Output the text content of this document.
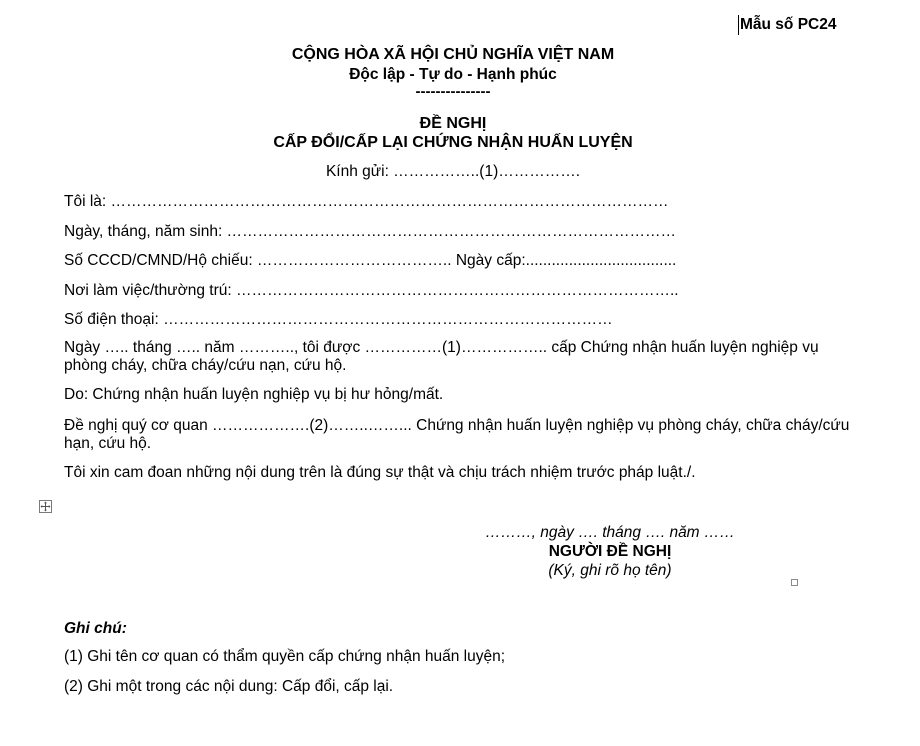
Mẫu số PC24
CỘNG HÒA XÃ HỘI CHỦ NGHĨA VIỆT NAM
Độc lập - Tự do - Hạnh phúc
---------------
ĐỀ NGHỊ
CẤP ĐỔI/CẤP LẠI CHỨNG NHẬN HUẤN LUYỆN
Kính gửi: ……………..(1)…………….
Tôi là: ………………………………………………………………………………………………
Ngày, tháng, năm sinh: ……………………………………………………………………………
Số CCCD/CMND/Hộ chiếu: ……………………………….. Ngày cấp:...................................
Nơi làm việc/thường trú: …………………………………………………………………………..
Số điện thoại: ……………………………………………………………………………
Ngày ….. tháng ….. năm ……….., tôi được ……………(1)…………….. cấp Chứng nhận huấn luyện nghiệp vụ phòng cháy, chữa cháy/cứu nạn, cứu hộ.
Do: Chứng nhận huấn luyện nghiệp vụ bị hư hỏng/mất.
Đề nghị quý cơ quan ……………….(2)……..……... Chứng nhận huấn luyện nghiệp vụ phòng cháy, chữa cháy/cứu hạn, cứu hộ.
Tôi xin cam đoan những nội dung trên là đúng sự thật và chịu trách nhiệm trước pháp luật./.
………, ngày …. tháng …. năm ……
NGƯỜI ĐỀ NGHỊ
(Ký, ghi rõ họ tên)
Ghi chú:
(1) Ghi tên cơ quan có thẩm quyền cấp chứng nhận huấn luyện;
(2) Ghi một trong các nội dung: Cấp đổi, cấp lại.
